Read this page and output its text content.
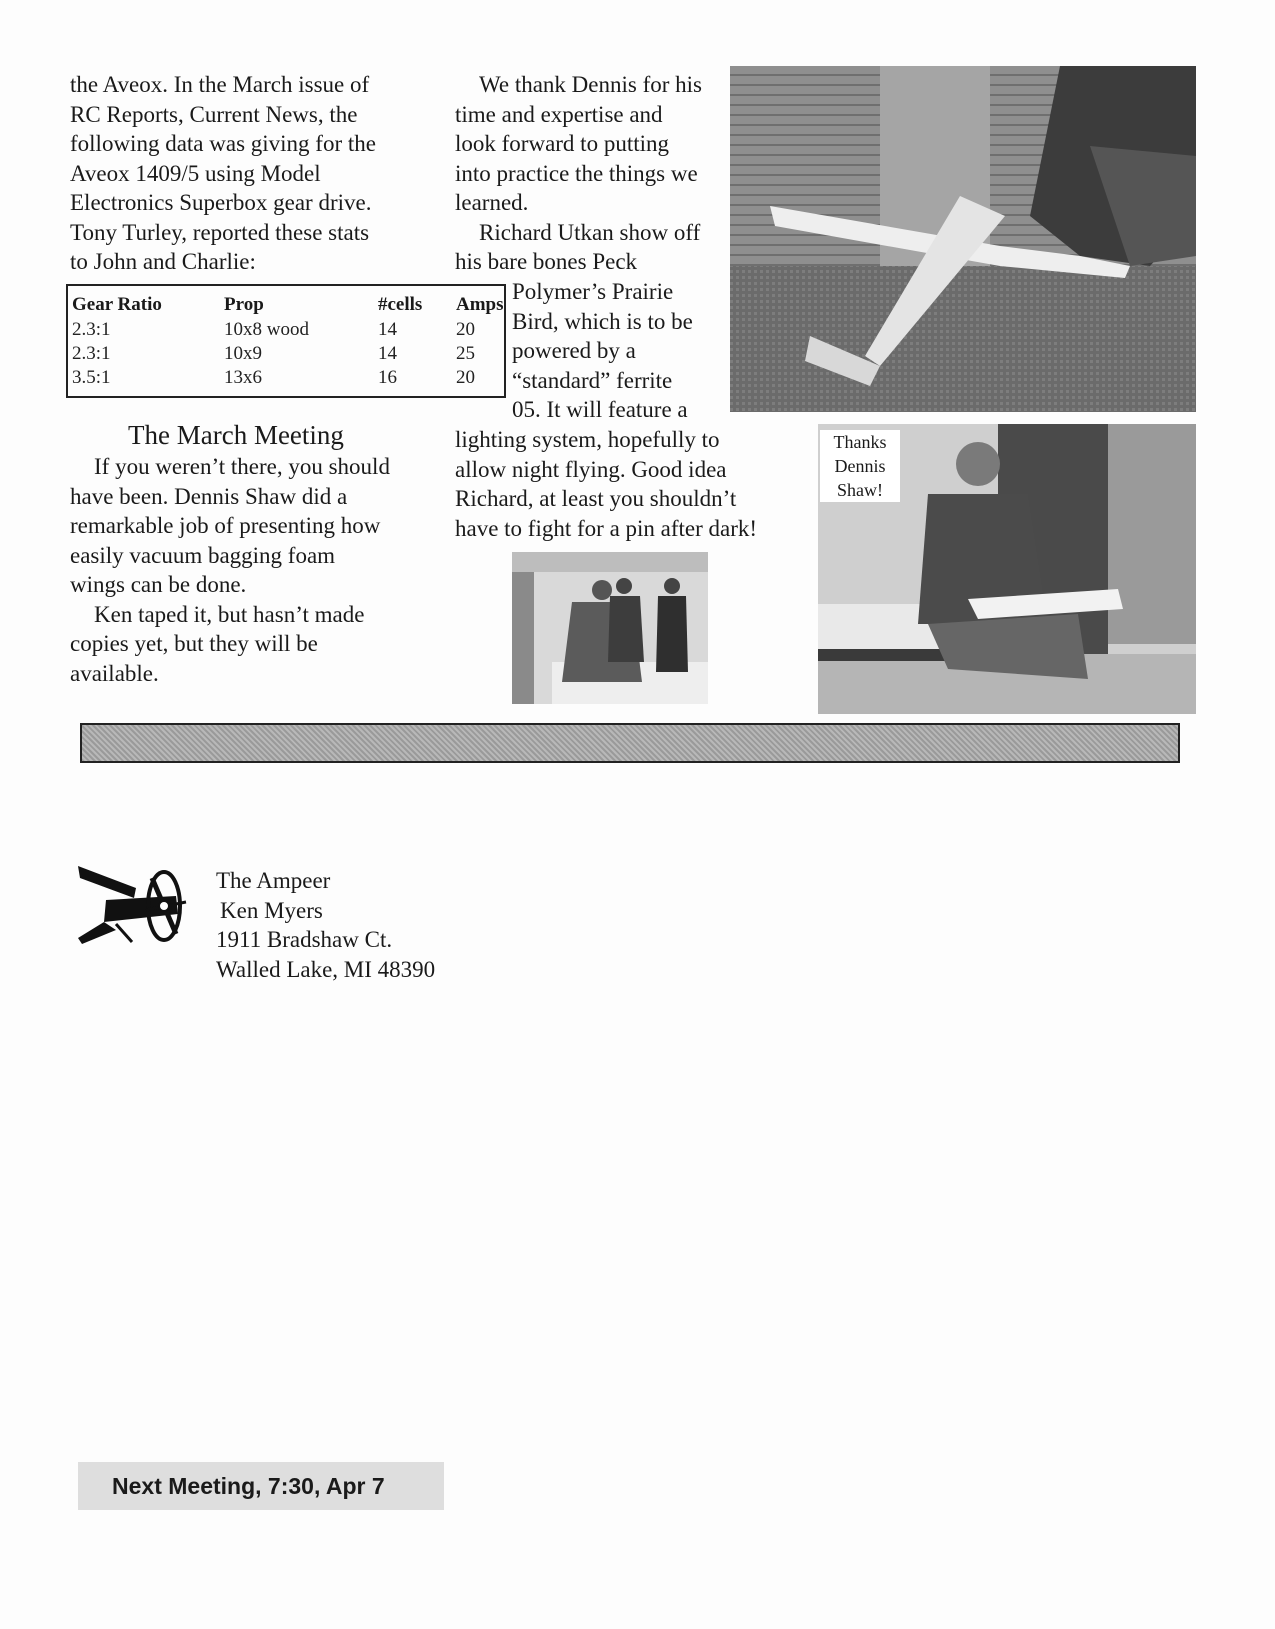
the Aveox. In the March issue of
RC Reports, Current News, the
following data was giving for the
Aveox 1409/5 using Model
Electronics Superbox gear drive.
Tony Turley, reported these stats
to John and Charlie:
Gear Ratio	Prop	#cells	Amps
2.3:1	10x8 wood	14	20
2.3:1	10x9	14	25
3.5:1	13x6	16	20
The March Meeting
If you weren’t there, you should
have been. Dennis Shaw did a
remarkable job of presenting how
easily vacuum bagging foam
wings can be done.
Ken taped it, but hasn’t made
copies yet, but they will be
available.
We thank Dennis for his
time and expertise and
look forward to putting
into practice the things we
learned.
Richard Utkan show off
his bare bones Peck
Polymer’s Prairie
Bird, which is to be
powered by a
“standard” ferrite
05. It will feature a
lighting system, hopefully to
allow night flying. Good idea
Richard, at least you shouldn’t
have to fight for a pin after dark!
Thanks
Dennis
Shaw!
The Ampeer
Ken Myers
1911 Bradshaw Ct.
Walled Lake, MI 48390
Next Meeting, 7:30, Apr 7
